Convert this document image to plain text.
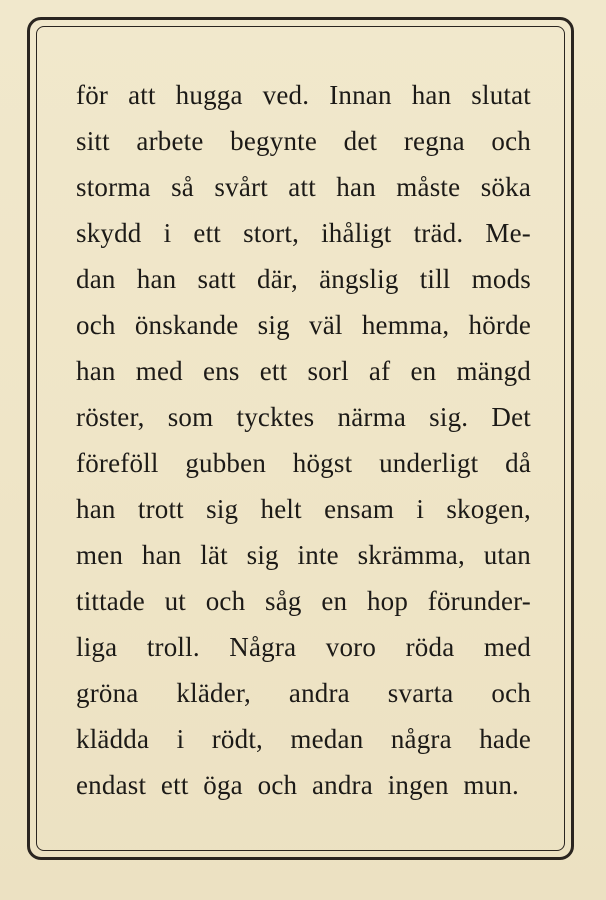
för att hugga ved. Innan han slutat
sitt arbete begynte det regna och
storma så svårt att han måste söka
skydd i ett stort, ihåligt träd. Me-
dan han satt där, ängslig till mods
och önskande sig väl hemma, hörde
han med ens ett sorl af en mängd
röster, som tycktes närma sig. Det
föreföll gubben högst underligt då
han trott sig helt ensam i skogen,
men han lät sig inte skrämma, utan
tittade ut och såg en hop förunder-
liga troll. Några voro röda med
gröna kläder, andra svarta och
klädda i rödt, medan några hade
endast ett öga och andra ingen mun.
